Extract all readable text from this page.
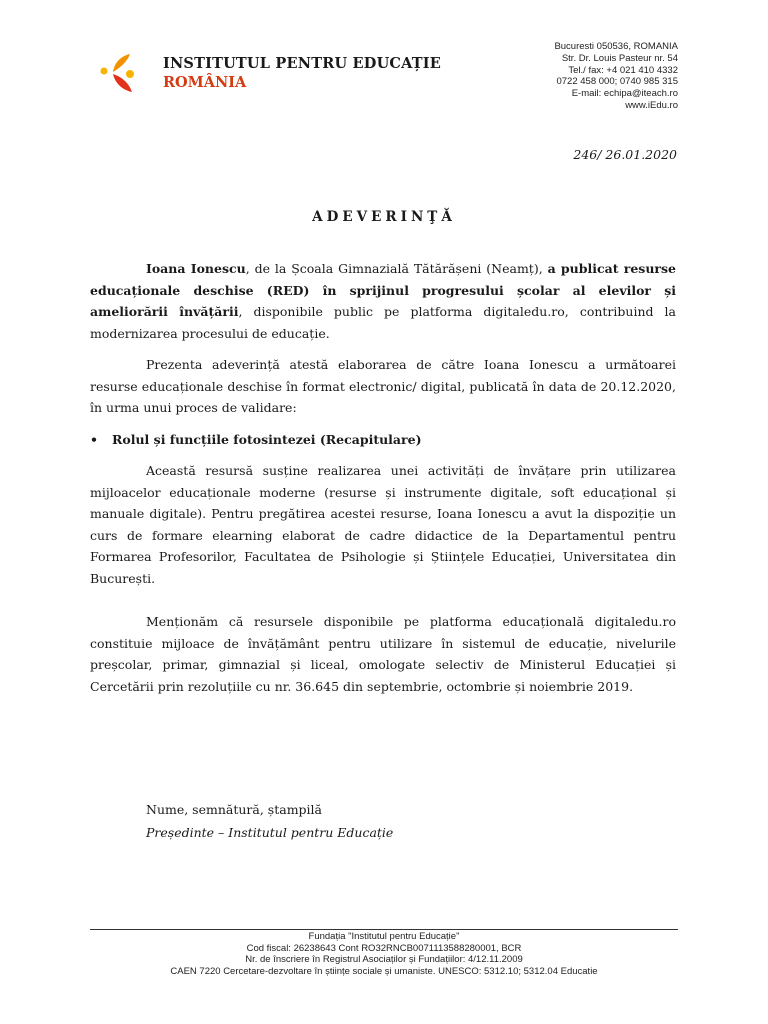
INSTITUTUL PENTRU EDUCAȚIE
ROMÂNIA
Bucuresti 050536, ROMANIA
Str. Dr. Louis Pasteur nr. 54
Tel./ fax: +4 021 410 4332
0722 458 000; 0740 985 315
E-mail: echipa@iteach.ro
www.iEdu.ro
246/ 26.01.2020
ADEVERINŢĂ

Ioana Ionescu, de la Școala Gimnazială Tătărășeni (Neamț), a publicat resurse educaționale deschise (RED) în sprijinul progresului școlar al elevilor și ameliorării învățării, disponibile public pe platforma digitaledu.ro, contribuind la modernizarea procesului de educație.

Prezenta adeverință atestă elaborarea de către Ioana Ionescu a următoarei resurse educaționale deschise în format electronic/ digital, publicată în data de 20.12.2020, în urma unui proces de validare:

•	Rolul și funcțiile fotosintezei (Recapitulare)

Această resursă susține realizarea unei activități de învățare prin utilizarea mijloacelor educaționale moderne (resurse și instrumente digitale, soft educațional și manuale digitale). Pentru pregătirea acestei resurse, Ioana Ionescu a avut la dispoziție un curs de formare elearning elaborat de cadre didactice de la Departamentul pentru Formarea Profesorilor, Facultatea de Psihologie și Științele Educației, Universitatea din București.

Menționăm că resursele disponibile pe platforma educațională digitaledu.ro constituie mijloace de învățământ pentru utilizare în sistemul de educație, nivelurile preșcolar, primar, gimnazial și liceal, omologate selectiv de Ministerul Educației și Cercetării prin rezoluțiile cu nr. 36.645 din septembrie, octombrie și noiembrie 2019.

Nume, semnătură, ștampilă
Președinte – Institutul pentru Educație
Fundația "Institutul pentru Educație"
Cod fiscal: 26238643 Cont RO32RNCB0071113588280001, BCR
Nr. de înscriere în Registrul Asociaților și Fundațiilor: 4/12.11.2009
CAEN 7220 Cercetare-dezvoltare în științe sociale și umaniste. UNESCO: 5312.10; 5312.04 Educatie
